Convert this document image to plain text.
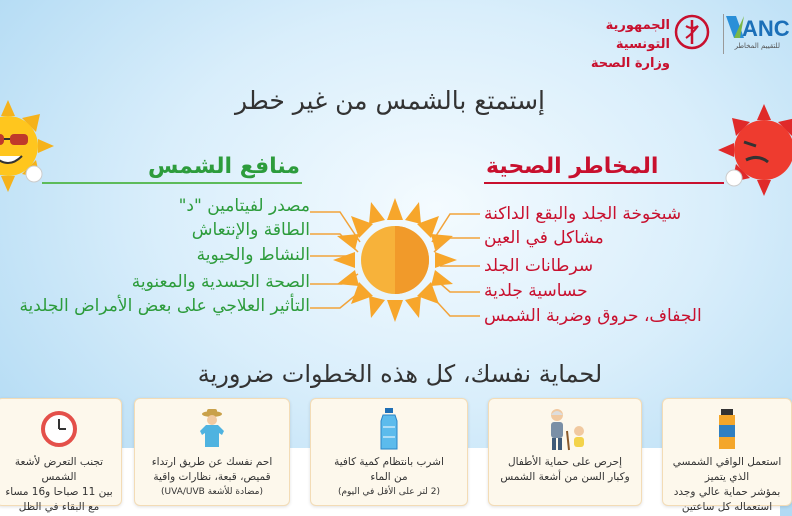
الجمهورية التونسية
وزارة الصحة
ANC
للتقييم المخاطر
إستمتع بالشمس من غير خطر
منافع الشمس	المخاطر الصحية
مصدر لفيتامين "د"
الطاقة والإنتعاش
النشاط والحيوية
الصحة الجسدية والمعنوية
التأثير العلاجي على بعض الأمراض الجلدية
شيخوخة الجلد والبقع الداكنة
مشاكل في العين
سرطانات الجلد
حساسية جلدية
الجفاف، حروق وضربة الشمس
لحماية نفسك، كل هذه الخطوات ضرورية
تجنب التعرض لأشعة الشمس
بين 11 صباحا و16 مساء
مع البقاء في الظل
احم نفسك عن طريق ارتداء
قميص، قبعة، نظارات واقية
(مضادة للأشعة UVA/UVB)
اشرب بانتظام كمية كافية
من الماء
(2 لتر على الأقل في اليوم)
إحرص على حماية الأطفال
وكبار السن من أشعة الشمس
استعمل الواقي الشمسي الذي يتميز
بمؤشر حماية عالي وجدد
استعماله كل ساعتين
